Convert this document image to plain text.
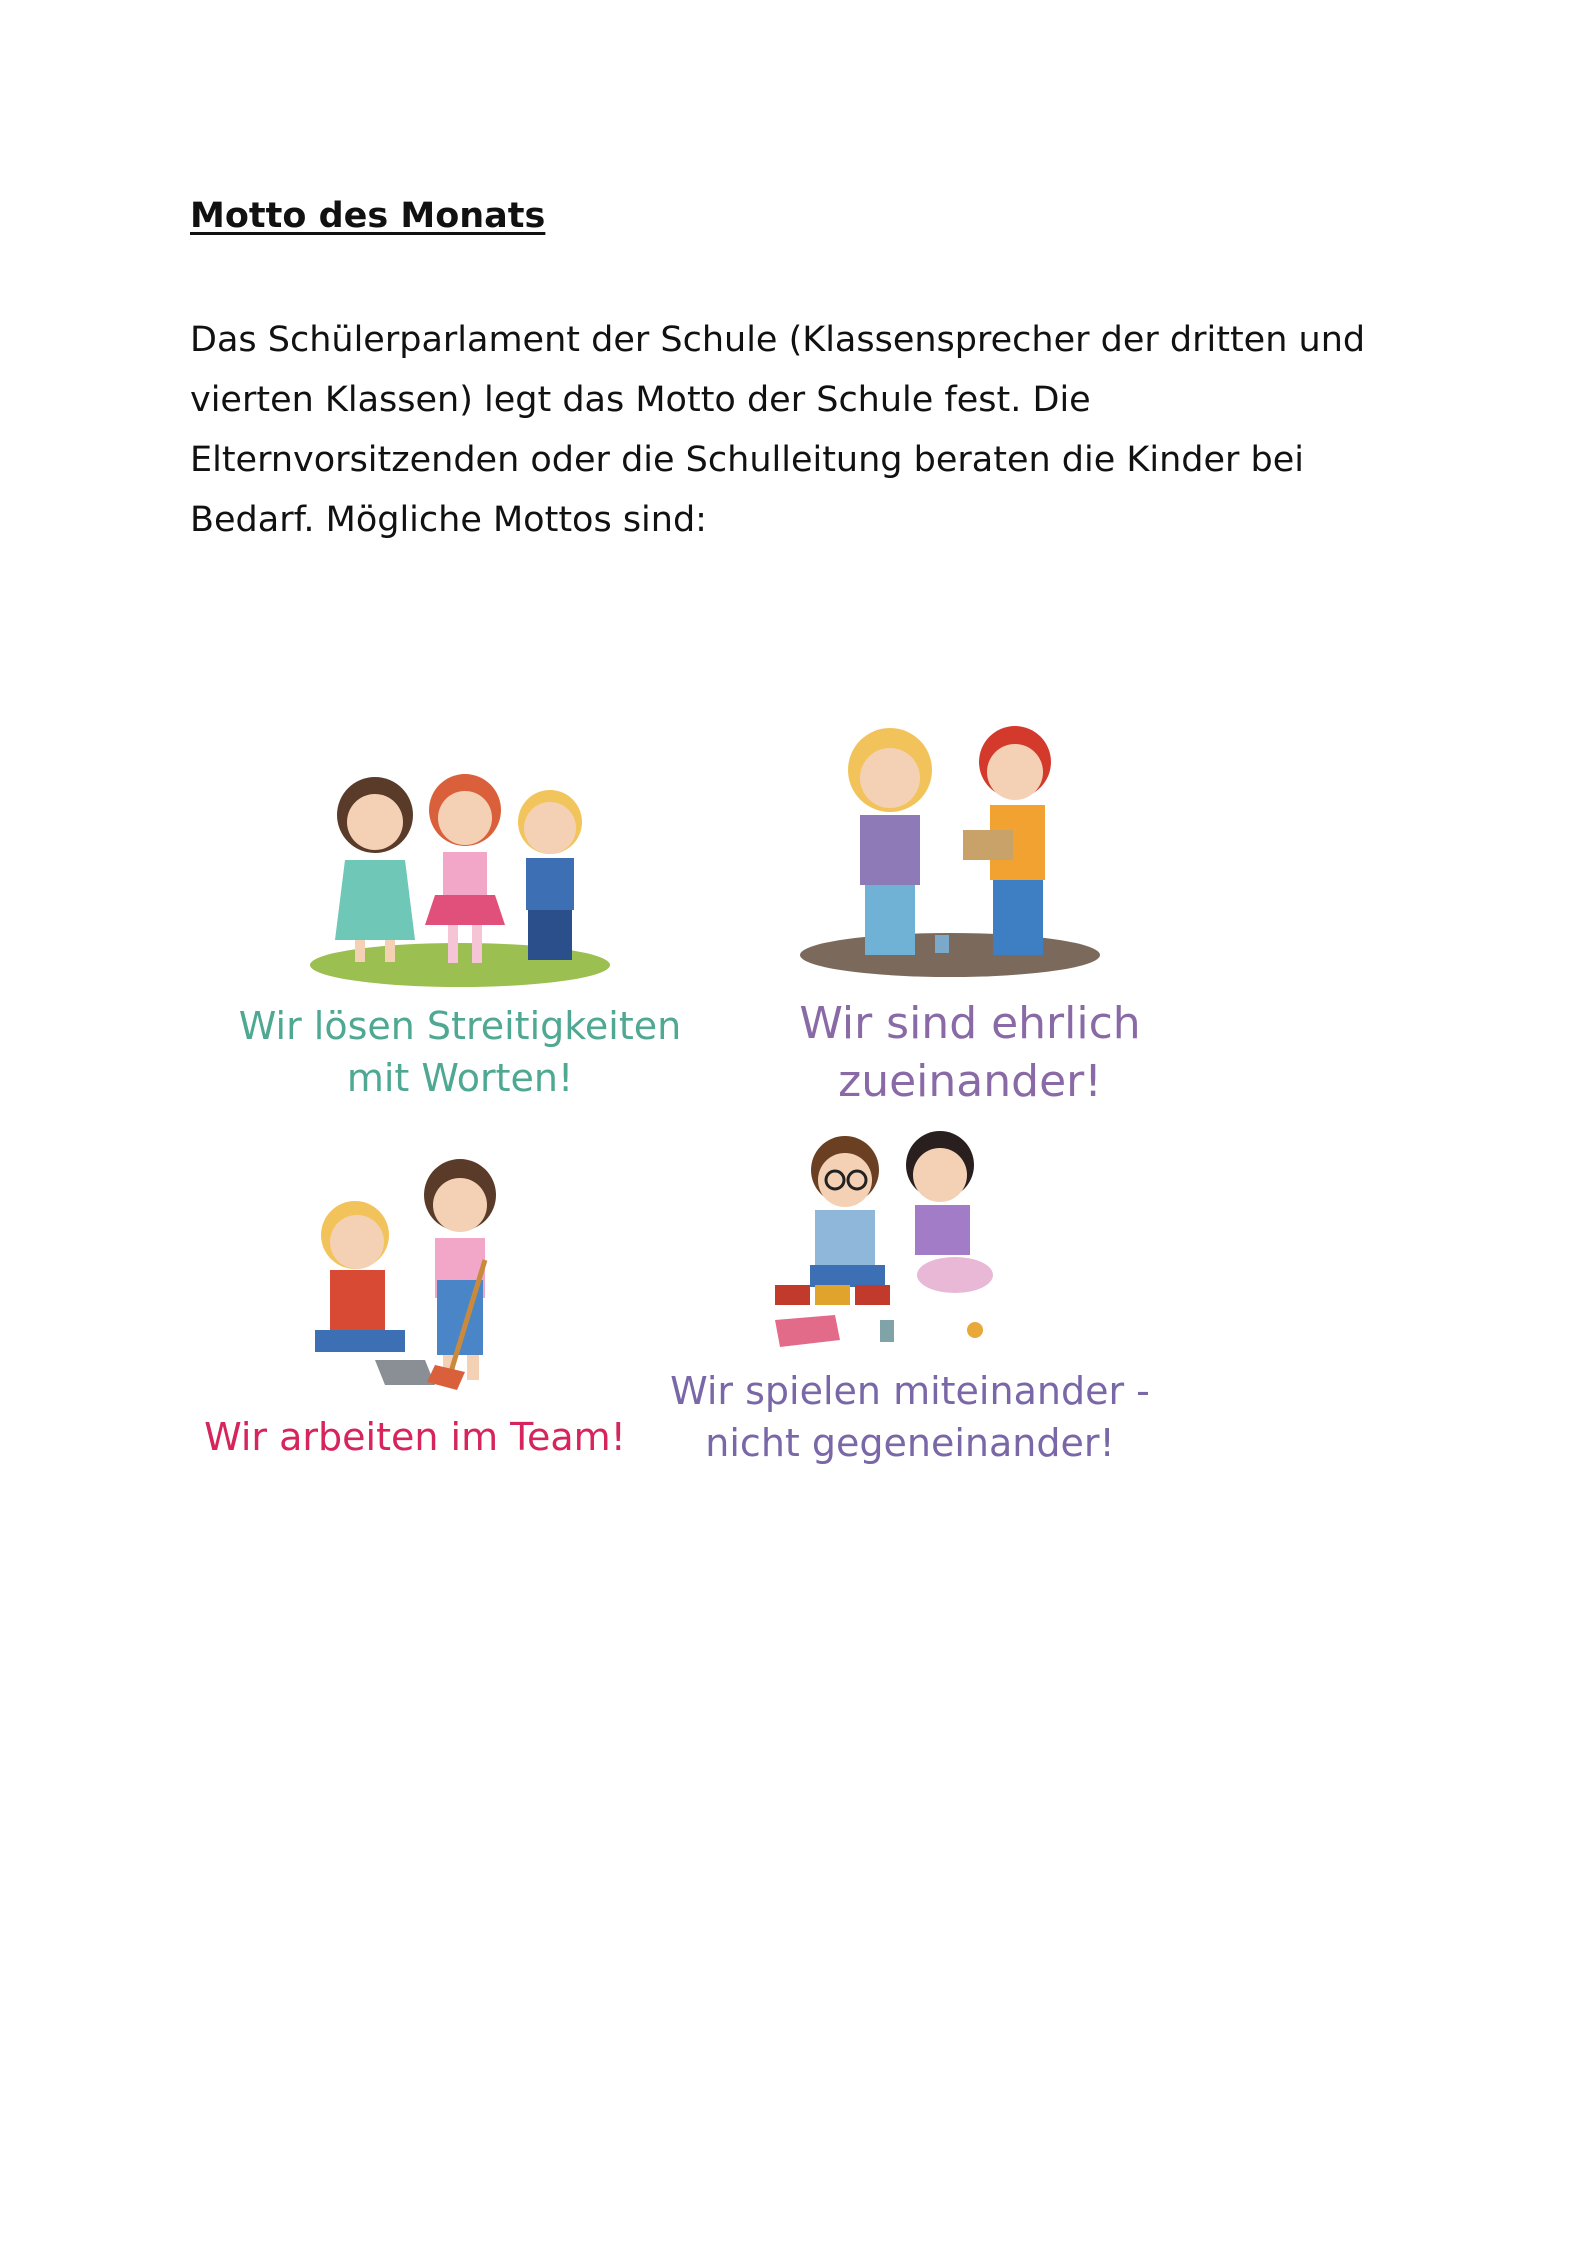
Motto des Monats

Das Schülerparlament der Schule (Klassensprecher der dritten und
vierten Klassen) legt das Motto der Schule fest. Die
Elternvorsitzenden oder die Schulleitung beraten die Kinder bei
Bedarf. Mögliche Mottos sind:

Wir lösen Streitigkeiten
mit Worten!

Wir sind ehrlich
zueinander!

Wir arbeiten im Team!

Wir spielen miteinander -
nicht gegeneinander!
